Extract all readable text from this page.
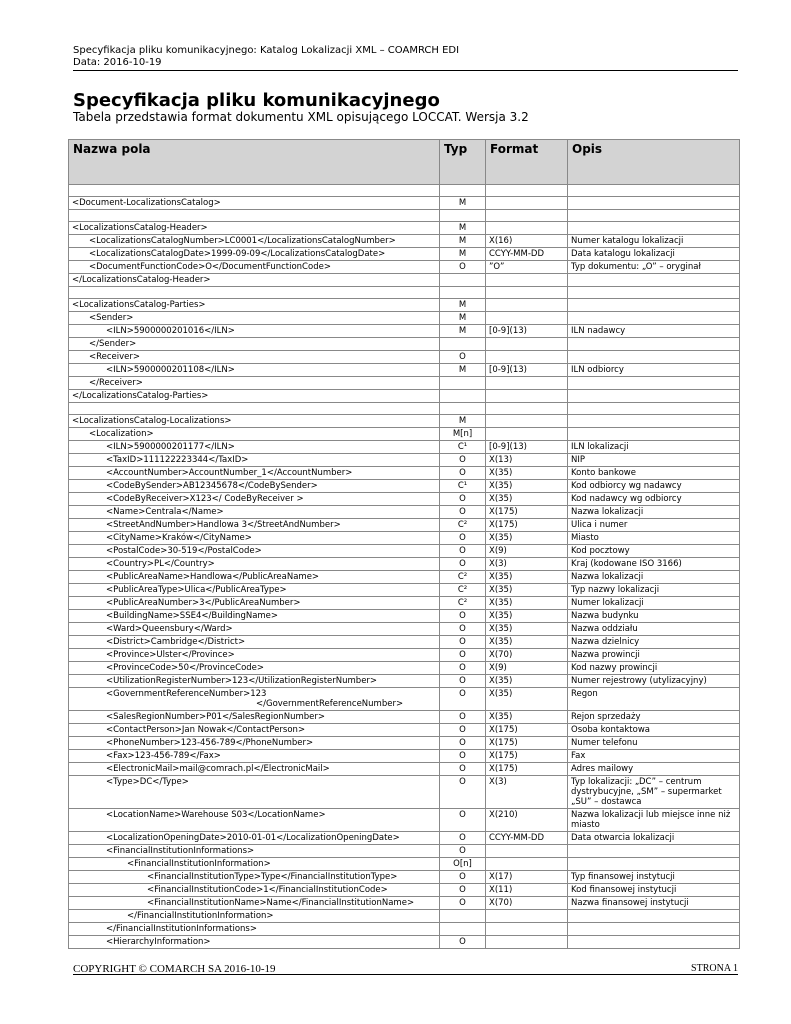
Specyfikacja pliku komunikacyjnego: Katalog Lokalizacji XML – COAMRCH EDI
Data: 2016-10-19
Specyfikacja pliku komunikacyjnego
Tabela przedstawia format dokumentu XML opisującego LOCCAT. Wersja 3.2
Nazwa pola	Typ	Format	Opis

<Document-LocalizationsCatalog>	M		

<LocalizationsCatalog-Header>	M		
<LocalizationsCatalogNumber>LC0001</LocalizationsCatalogNumber>	M	X(16)	Numer katalogu lokalizacji
<LocalizationsCatalogDate>1999-09-09</LocalizationsCatalogDate>	M	CCYY-MM-DD	Data katalogu lokalizacji
<DocumentFunctionCode>O</DocumentFunctionCode>	O	”O”	Typ dokumentu: „O” – oryginał
</LocalizationsCatalog-Header>			

<LocalizationsCatalog-Parties>	M		
<Sender>	M		
<ILN>5900000201016</ILN>	M	[0-9](13)	ILN nadawcy
</Sender>			
<Receiver>	O		
<ILN>5900000201108</ILN>	M	[0-9](13)	ILN odbiorcy
</Receiver>			
</LocalizationsCatalog-Parties>			

<LocalizationsCatalog-Localizations>	M		
<Localization>	M[n]		
<ILN>5900000201177</ILN>	C¹	[0-9](13)	ILN lokalizacji
<TaxID>111122223344</TaxID>	O	X(13)	NIP
<AccountNumber>AccountNumber_1</AccountNumber>	O	X(35)	Konto bankowe
<CodeBySender>AB12345678</CodeBySender>	C¹	X(35)	Kod odbiorcy wg nadawcy
<CodeByReceiver>X123</ CodeByReceiver >	O	X(35)	Kod nadawcy wg odbiorcy
<Name>Centrala</Name>	O	X(175)	Nazwa lokalizacji
<StreetAndNumber>Handlowa 3</StreetAndNumber>	C²	X(175)	Ulica i numer
<CityName>Kraków</CityName>	O	X(35)	Miasto
<PostalCode>30-519</PostalCode>	O	X(9)	Kod pocztowy
<Country>PL</Country>	O	X(3)	Kraj (kodowane ISO 3166)
<PublicAreaName>Handlowa</PublicAreaName>	C²	X(35)	Nazwa lokalizacji
<PublicAreaType>Ulica</PublicAreaType>	C²	X(35)	Typ nazwy lokalizacji
<PublicAreaNumber>3</PublicAreaNumber>	C²	X(35)	Numer lokalizacji
<BuildingName>SSE4</BuildingName>	O	X(35)	Nazwa budynku
<Ward>Queensbury</Ward>	O	X(35)	Nazwa oddziału
<District>Cambridge</District>	O	X(35)	Nazwa dzielnicy
<Province>Ulster</Province>	O	X(70)	Nazwa prowincji
<ProvinceCode>50</ProvinceCode>	O	X(9)	Kod nazwy prowincji
<UtilizationRegisterNumber>123</UtilizationRegisterNumber>	O	X(35)	Numer rejestrowy (utylizacyjny)
<GovernmentReferenceNumber>123
</GovernmentReferenceNumber>	O	X(35)	Regon
<SalesRegionNumber>P01</SalesRegionNumber>	O	X(35)	Rejon sprzedaży
<ContactPerson>Jan Nowak</ContactPerson>	O	X(175)	Osoba kontaktowa
<PhoneNumber>123-456-789</PhoneNumber>	O	X(175)	Numer telefonu
<Fax>123-456-789</Fax>	O	X(175)	Fax
<ElectronicMail>mail@comrach.pl</ElectronicMail>	O	X(175)	Adres mailowy
<Type>DC</Type>	O	X(3)	Typ lokalizacji: „DC” – centrum dystrybucyjne, „SM” – supermarket „SU” – dostawca
<LocationName>Warehouse S03</LocationName>	O	X(210)	Nazwa lokalizacji lub miejsce inne niż miasto
<LocalizationOpeningDate>2010-01-01</LocalizationOpeningDate>	O	CCYY-MM-DD	Data otwarcia lokalizacji
<FinancialInstitutionInformations>	O		
<FinancialInstitutionInformation>	O[n]		
<FinancialInstitutionType>Type</FinancialInstitutionType>	O	X(17)	Typ finansowej instytucji
<FinancialInstitutionCode>1</FinancialInstitutionCode>	O	X(11)	Kod finansowej instytucji
<FinancialInstitutionName>Name</FinancialInstitutionName>	O	X(70)	Nazwa finansowej instytucji
</FinancialInstitutionInformation>			
</FinancialInstitutionInformations>			
<HierarchyInformation>	O		
COPYRIGHT © COMARCH SA 2016-10-19	STRONA 1
